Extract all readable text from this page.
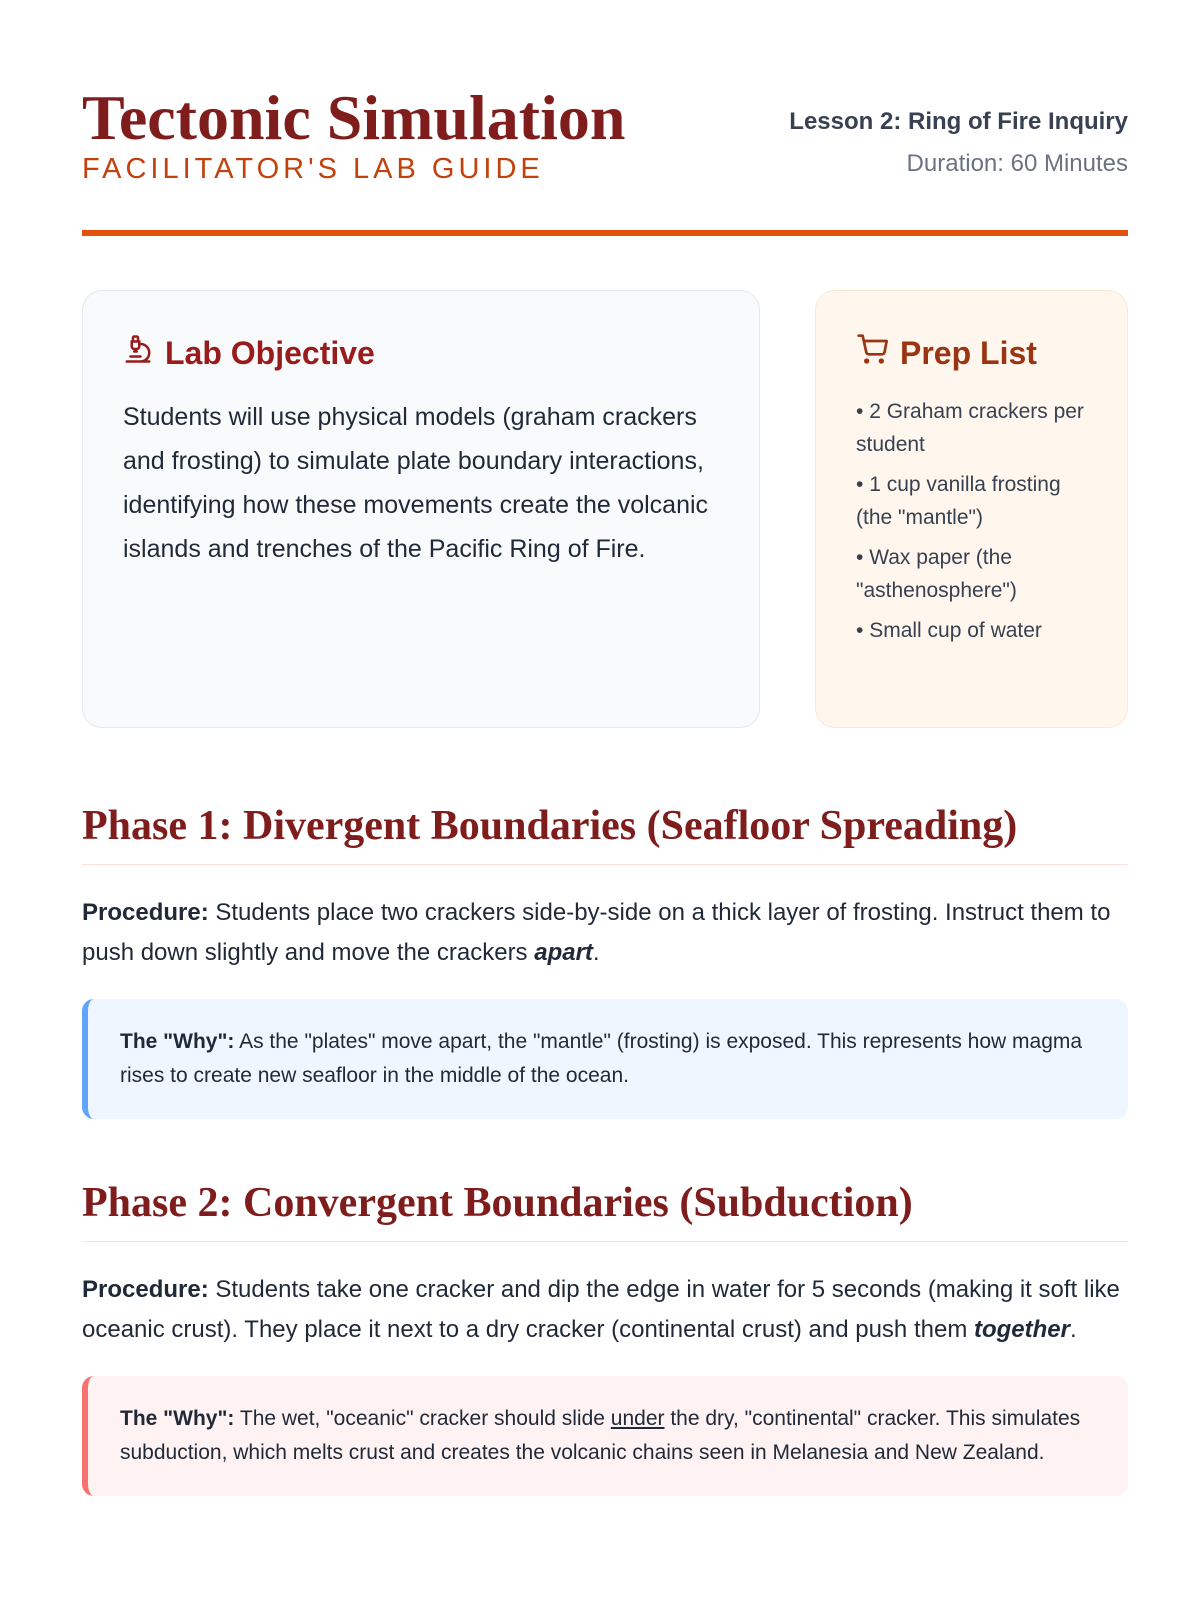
Tectonic Simulation
FACILITATOR'S LAB GUIDE
Lesson 2: Ring of Fire Inquiry
Duration: 60 Minutes
Lab Objective

Students will use physical models (graham crackers and frosting) to simulate plate boundary interactions, identifying how these movements create the volcanic islands and trenches of the Pacific Ring of Fire.

Prep List
• 2 Graham crackers per student
• 1 cup vanilla frosting (the "mantle")
• Wax paper (the "asthenosphere")
• Small cup of water
Phase 1: Divergent Boundaries (Seafloor Spreading)

Procedure: Students place two crackers side-by-side on a thick layer of frosting. Instruct them to push down slightly and move the crackers apart.

The "Why": As the "plates" move apart, the "mantle" (frosting) is exposed. This represents how magma rises to create new seafloor in the middle of the ocean.
Phase 2: Convergent Boundaries (Subduction)

Procedure: Students take one cracker and dip the edge in water for 5 seconds (making it soft like oceanic crust). They place it next to a dry cracker (continental crust) and push them together.

The "Why": The wet, "oceanic" cracker should slide under the dry, "continental" cracker. This simulates subduction, which melts crust and creates the volcanic chains seen in Melanesia and New Zealand.
